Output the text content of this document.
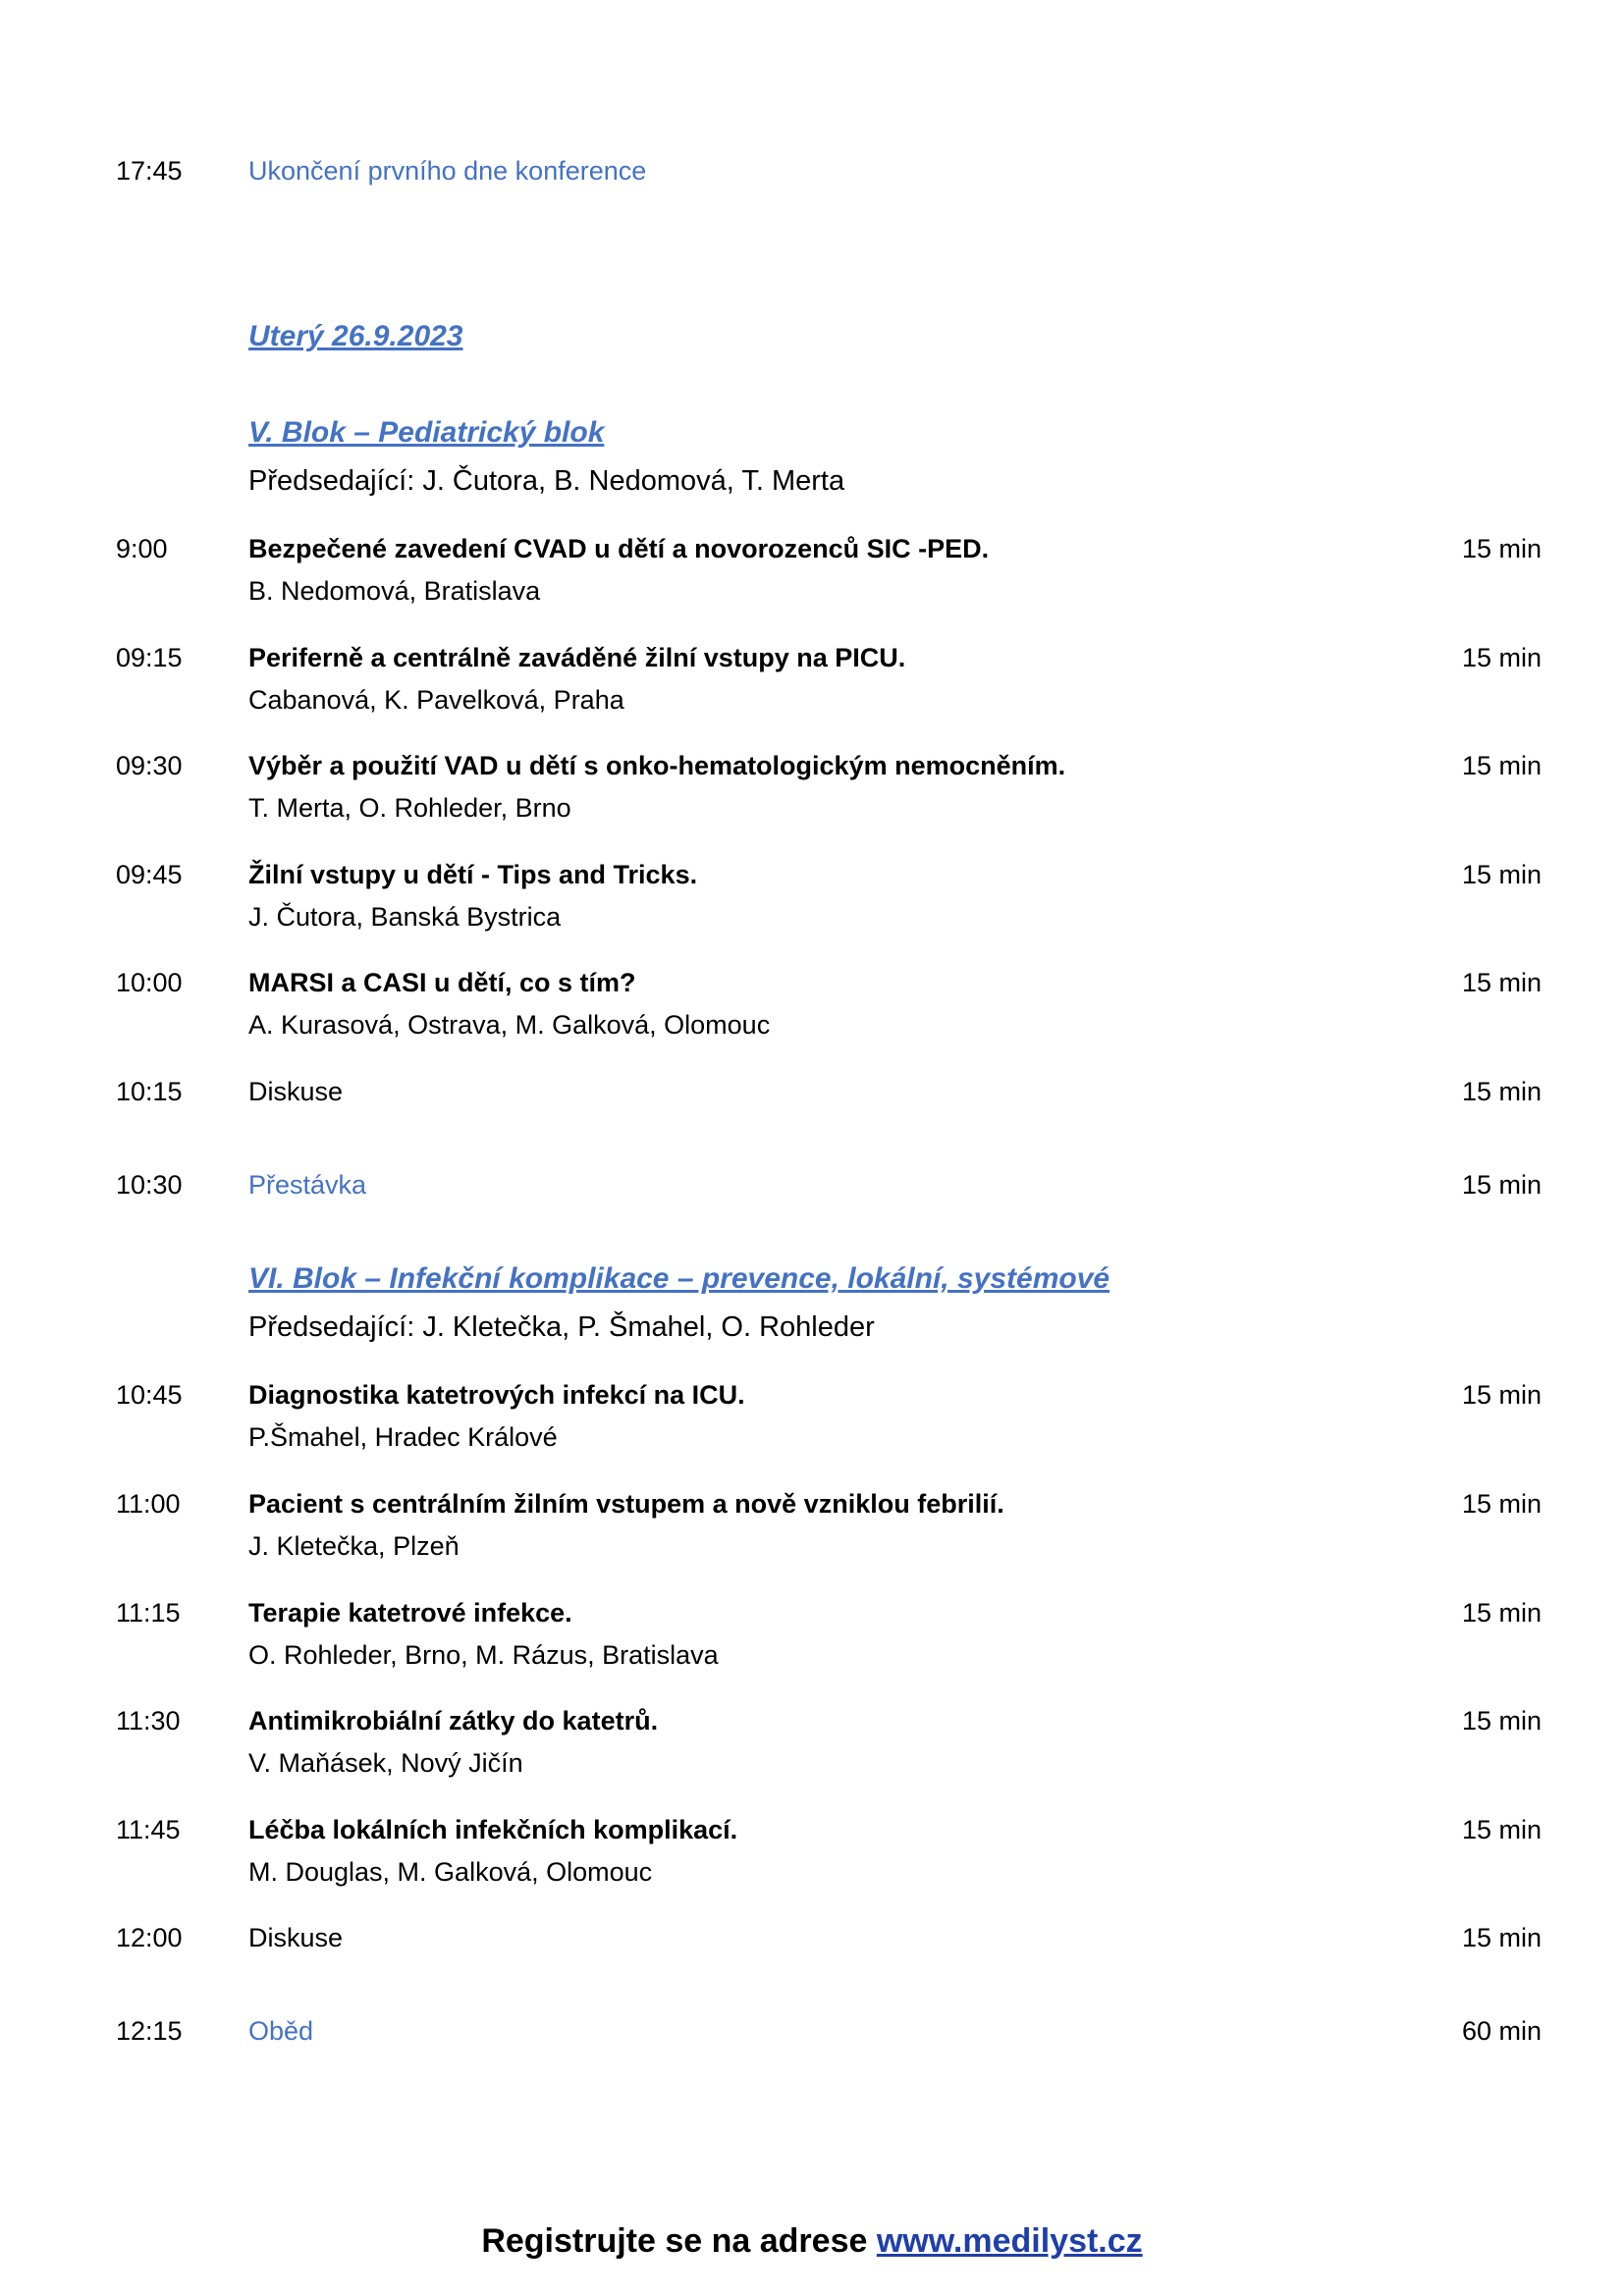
17:45 Ukončení prvního dne konference
Uterý 26.9.2023
V. Blok – Pediatrický blok
Předsedající: J. Čutora, B. Nedomová, T. Merta
9:00	Bezpečené zavedení CVAD u dětí a novorozenců SIC -PED.	15 min
B. Nedomová, Bratislava
09:15 Periferně a centrálně zaváděné žilní vstupy na PICU.	15 min
Cabanová, K. Pavelková, Praha
09:30 Výběr a použití VAD u dětí s onko-hematologickým nemocněním.	15 min
T. Merta, O. Rohleder, Brno
09:45 Žilní vstupy u dětí - Tips and Tricks.	15 min
J. Čutora, Banská Bystrica
10:00 MARSI a CASI u dětí, co s tím?	15 min
A. Kurasová, Ostrava, M. Galková, Olomouc
10:15 Diskuse	15 min
10:30 Přestávka	15 min
VI. Blok – Infekční komplikace – prevence, lokální, systémové
Předsedající: J. Kletečka, P. Šmahel, O. Rohleder
10:45 Diagnostika katetrových infekcí na ICU.	15 min
P.Šmahel, Hradec Králové
11:00	Pacient s centrálním žilním vstupem a nově vzniklou febrilií.	15 min
J. Kletečka, Plzeň
11:15	Terapie katetrové infekce.	15 min
O. Rohleder, Brno, M. Rázus, Bratislava
11:30	Antimikrobiální zátky do katetrů.	15 min
V. Maňásek, Nový Jičín
11:45	Léčba lokálních infekčních komplikací.	15 min
M. Douglas, M. Galková, Olomouc
12:00 Diskuse	15 min
12:15 Oběd	60 min
Registrujte se na adrese www.medilyst.cz
